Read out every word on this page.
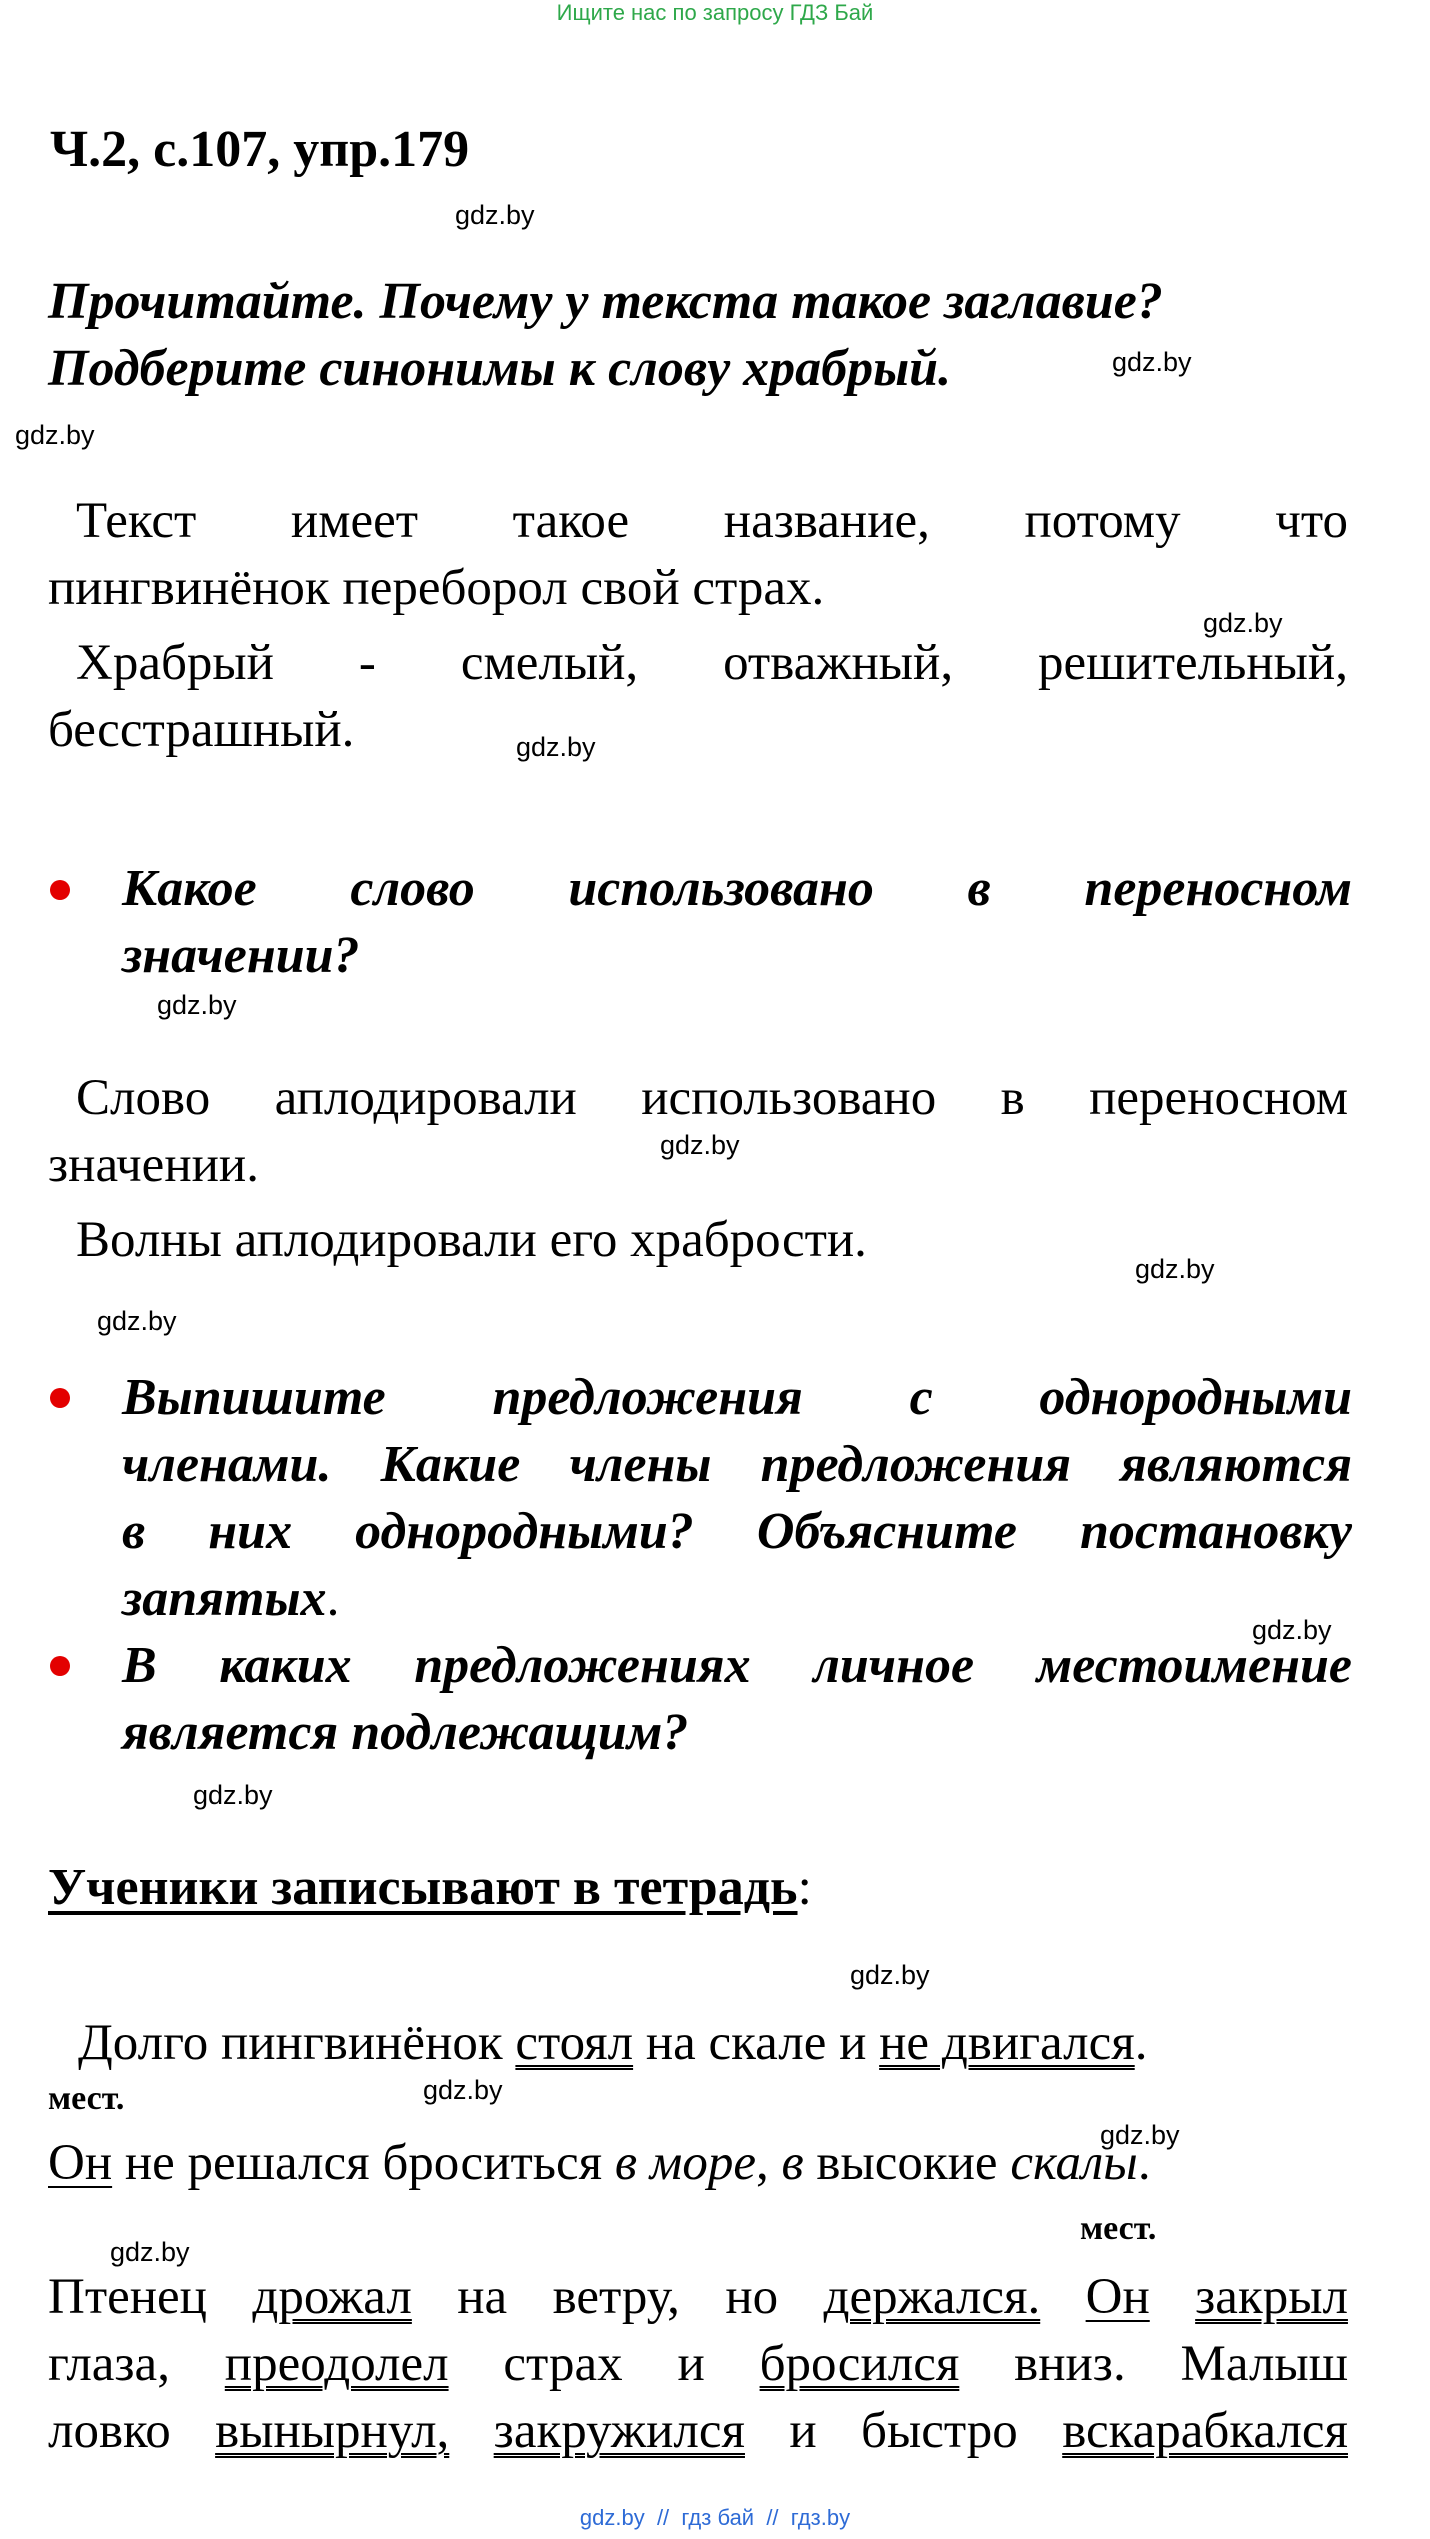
Ищите нас по запросу ГДЗ Бай
Ч.2, с.107, упр.179
gdz.by
gdz.by
gdz.by
gdz.by
gdz.by
gdz.by
gdz.by
gdz.by
gdz.by
gdz.by
gdz.by
gdz.by
gdz.by
gdz.by
gdz.by
Прочитайте. Почему у текста такое заглавие?
Подберите синонимы к слову храбрый.
Текст имеет такое название, потому что
пингвинёнок переборол свой страх.
Храбрый - смелый, отважный, решительный,
бесстрашный.
Какое слово использовано в переносном
значении?
Слово аплодировали использовано в переносном
значении.
Волны аплодировали его храбрости.
Выпишите предложения с однородными
членами. Какие члены предложения являются
в них однородными? Объясните постановку
запятых.
В каких предложениях личное местоимение
является подлежащим?
Ученики записывают в тетрадь:
Долго пингвинёнок стоял на скале и не двигался.
мест.
мест.
Он не решался броситься в море, в высокие скалы.
Птенец дрожал на ветру, но держался. Он закрыл
глаза, преодолел страх и бросился вниз. Малыш
ловко вынырнул, закружился и быстро вскарабкался
gdz.by  //  гдз бай  //  гдз.by
